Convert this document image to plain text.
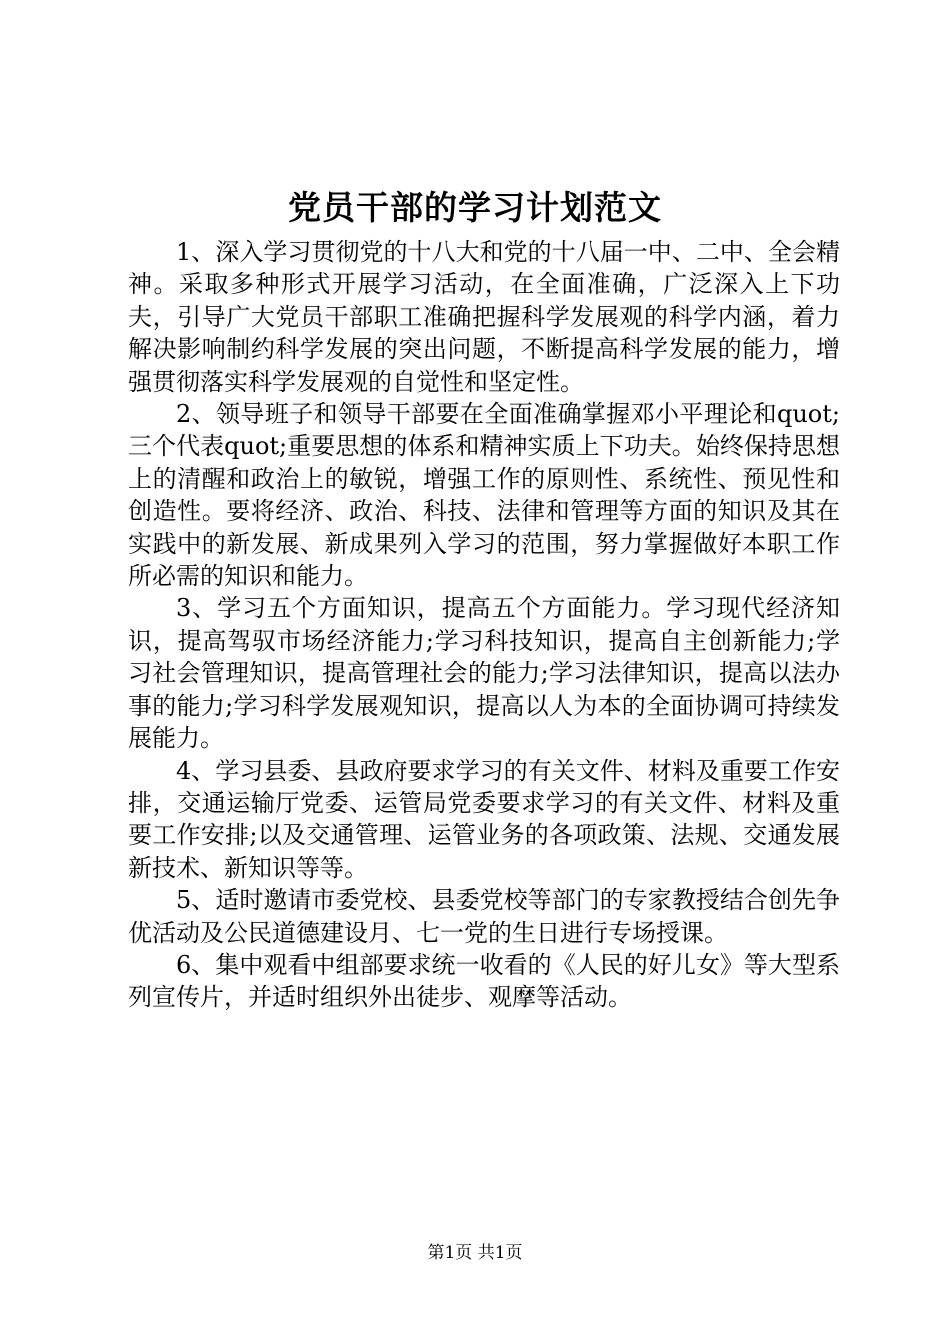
党员干部的学习计划范文

1、深入学习贯彻党的十八大和党的十八届一中、二中、全会精神。采取多种形式开展学习活动，在全面准确，广泛深入上下功夫，引导广大党员干部职工准确把握科学发展观的科学内涵，着力解决影响制约科学发展的突出问题，不断提高科学发展的能力，增强贯彻落实科学发展观的自觉性和坚定性。

2、领导班子和领导干部要在全面准确掌握邓小平理论和quot;三个代表quot;重要思想的体系和精神实质上下功夫。始终保持思想上的清醒和政治上的敏锐，增强工作的原则性、系统性、预见性和创造性。要将经济、政治、科技、法律和管理等方面的知识及其在实践中的新发展、新成果列入学习的范围，努力掌握做好本职工作所必需的知识和能力。

3、学习五个方面知识，提高五个方面能力。学习现代经济知识，提高驾驭市场经济能力;学习科技知识，提高自主创新能力;学习社会管理知识，提高管理社会的能力;学习法律知识，提高以法办事的能力;学习科学发展观知识，提高以人为本的全面协调可持续发展能力。

4、学习县委、县政府要求学习的有关文件、材料及重要工作安排，交通运输厅党委、运管局党委要求学习的有关文件、材料及重要工作安排;以及交通管理、运管业务的各项政策、法规、交通发展新技术、新知识等等。

5、适时邀请市委党校、县委党校等部门的专家教授结合创先争优活动及公民道德建设月、七一党的生日进行专场授课。

6、集中观看中组部要求统一收看的《人民的好儿女》等大型系列宣传片，并适时组织外出徒步、观摩等活动。

第1页 共1页
